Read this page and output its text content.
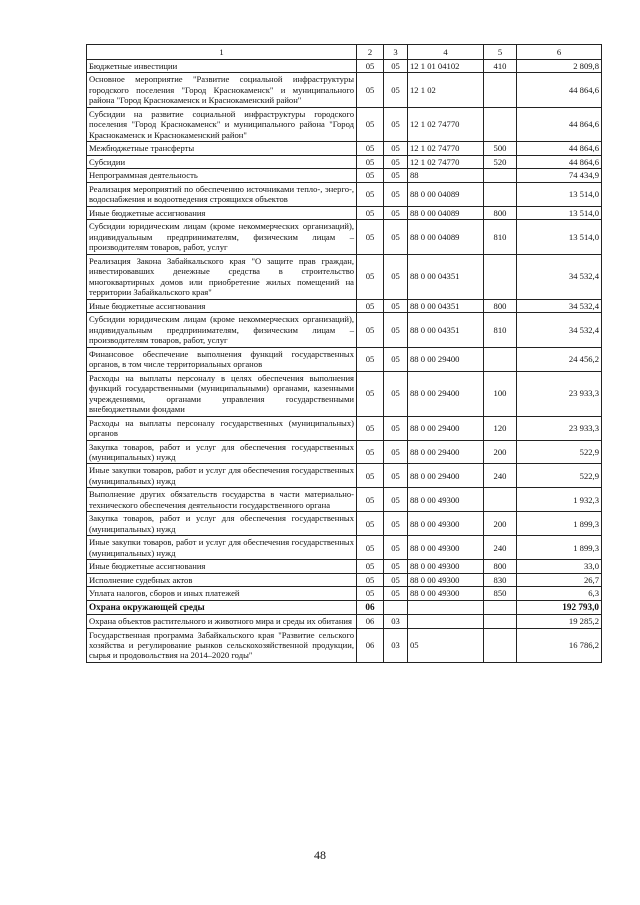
1	2	3	4	5	6
Бюджетные инвестиции	05	05	12 1 01 04102	410	2 809,8
Основное мероприятие "Развитие социальной инфраструктуры городского поселения "Город Краснокаменск" и муниципального района "Город Краснокаменск и Краснокаменский район"	05	05	12 1 02		44 864,6
Субсидии на развитие социальной инфраструктуры городского поселения "Город Краснокаменск" и муниципального района "Город Краснокаменск и Краснокаменский район"	05	05	12 1 02 74770		44 864,6
Межбюджетные трансферты	05	05	12 1 02 74770	500	44 864,6
Субсидии	05	05	12 1 02 74770	520	44 864,6
Непрограммная деятельность	05	05	88		74 434,9
Реализация мероприятий по обеспечению источниками тепло-, энерго-, водоснабжения и водоотведения строящихся объектов	05	05	88 0 00 04089		13 514,0
Иные бюджетные ассигнования	05	05	88 0 00 04089	800	13 514,0
Субсидии юридическим лицам (кроме некоммерческих организаций), индивидуальным предпринимателям, физическим лицам – производителям товаров, работ, услуг	05	05	88 0 00 04089	810	13 514,0
Реализация Закона Забайкальского края "О защите прав граждан, инвестировавших денежные средства в строительство многоквартирных домов или приобретение жилых помещений на территории Забайкальского края"	05	05	88 0 00 04351		34 532,4
Иные бюджетные ассигнования	05	05	88 0 00 04351	800	34 532,4
Субсидии юридическим лицам (кроме некоммерческих организаций), индивидуальным предпринимателям, физическим лицам – производителям товаров, работ, услуг	05	05	88 0 00 04351	810	34 532,4
Финансовое обеспечение выполнения функций государственных органов, в том числе территориальных органов	05	05	88 0 00 29400		24 456,2
Расходы на выплаты персоналу в целях обеспечения выполнения функций государственными (муниципальными) органами, казенными учреждениями, органами управления государственными внебюджетными фондами	05	05	88 0 00 29400	100	23 933,3
Расходы на выплаты персоналу государственных (муниципальных) органов	05	05	88 0 00 29400	120	23 933,3
Закупка товаров, работ и услуг для обеспечения государственных (муниципальных) нужд	05	05	88 0 00 29400	200	522,9
Иные закупки товаров, работ и услуг для обеспечения государственных (муниципальных) нужд	05	05	88 0 00 29400	240	522,9
Выполнение других обязательств государства в части материально-технического обеспечения деятельности государственного органа	05	05	88 0 00 49300		1 932,3
Закупка товаров, работ и услуг для обеспечения государственных (муниципальных) нужд	05	05	88 0 00 49300	200	1 899,3
Иные закупки товаров, работ и услуг для обеспечения государственных (муниципальных) нужд	05	05	88 0 00 49300	240	1 899,3
Иные бюджетные ассигнования	05	05	88 0 00 49300	800	33,0
Исполнение судебных актов	05	05	88 0 00 49300	830	26,7
Уплата налогов, сборов и иных платежей	05	05	88 0 00 49300	850	6,3
Охрана окружающей среды	06				192 793,0
Охрана объектов растительного и животного мира и среды их обитания	06	03			19 285,2
Государственная программа Забайкальского края "Развитие сельского хозяйства и регулирование рынков сельскохозяйственной продукции, сырья и продовольствия на 2014–2020 годы"	06	03	05		16 786,2
48
